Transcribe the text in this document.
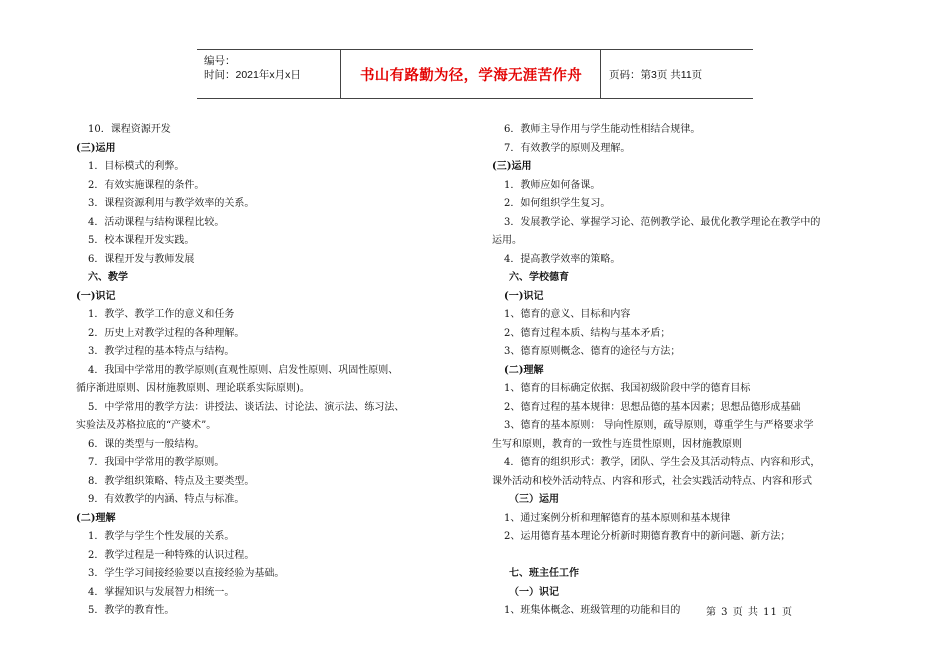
编号：
时间：2021年x月x日	书山有路勤为径，学海无涯苦作舟	页码：第3页 共11页
10．课程资源开发
(三)运用
1．目标模式的利弊。
2．有效实施课程的条件。
3．课程资源利用与教学效率的关系。
4．活动课程与结构课程比较。
5．校本课程开发实践。
6．课程开发与教师发展
六、教学
(一)识记
1．教学、教学工作的意义和任务
2．历史上对教学过程的各种理解。
3．教学过程的基本特点与结构。
4．我国中学常用的教学原则(直观性原则、启发性原则、巩固性原则、
循序渐进原则、因材施教原则、理论联系实际原则)。
5．中学常用的教学方法：讲授法、谈话法、讨论法、演示法、练习法、
实验法及苏格拉底的“产婆术”。
6．课的类型与一般结构。
7．我国中学常用的教学原则。
8．教学组织策略、特点及主要类型。
9．有效教学的内涵、特点与标准。
(二)理解
1．教学与学生个性发展的关系。
2．教学过程是一种特殊的认识过程。
3．学生学习间接经验要以直接经验为基础。
4．掌握知识与发展智力相统一。
5．教学的教育性。
6．教师主导作用与学生能动性相结合规律。
7．有效教学的原则及理解。
(三)运用
1．教师应如何备课。
2．如何组织学生复习。
3．发展教学论、掌握学习论、范例教学论、最优化教学理论在教学中的
运用。
4．提高教学效率的策略。
六、学校德育
(一)识记
1、德育的意义、目标和内容
2、德育过程本质、结构与基本矛盾；
3、德育原则概念、德育的途径与方法；
(二)理解
1、德育的目标确定依据、我国初级阶段中学的德育目标
2、德育过程的基本规律：思想品德的基本因素；思想品德形成基础
3、德育的基本原则： 导向性原则，疏导原则，尊重学生与严格要求学
生写和原则，教育的一致性与连贯性原则，因材施教原则
4．德育的组织形式：教学，团队、学生会及其活动特点、内容和形式，
课外活动和校外活动特点、内容和形式，社会实践活动特点、内容和形式
（三）运用
1、通过案例分析和理解德育的基本原则和基本规律
2、运用德育基本理论分析新时期德育教育中的新问题、新方法；
七、班主任工作
（一）识记
1、班集体概念、班级管理的功能和目的	第 3 页 共 11 页
